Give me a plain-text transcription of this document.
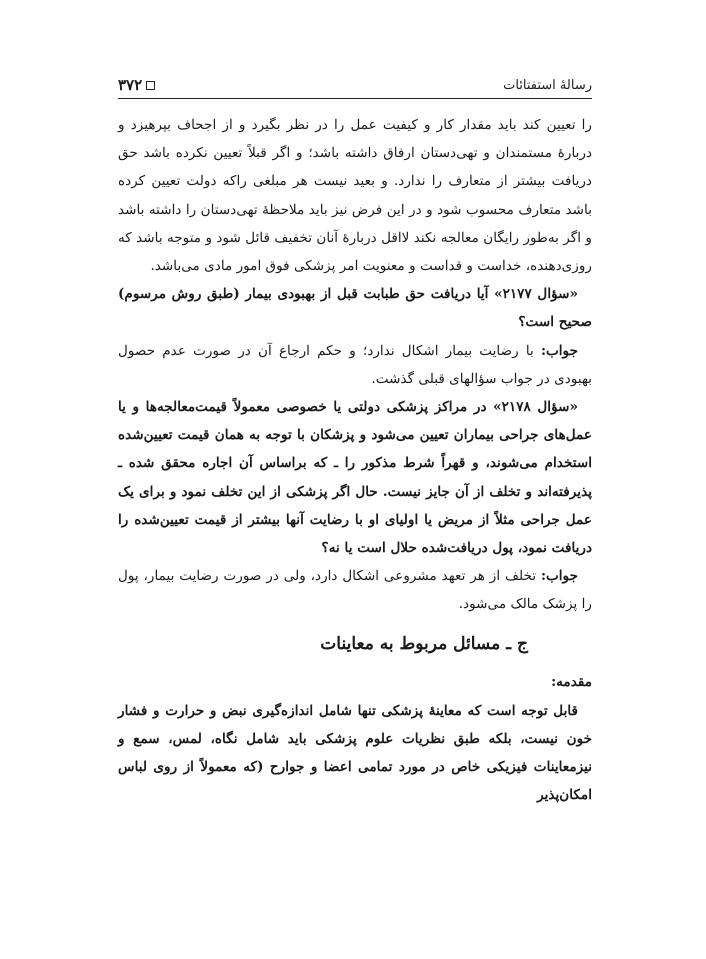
رسالهٔ استفتائات
۳۷۲

را تعیین کند باید مقدار کار و کیفیت عمل را در نظر بگیرد و از اجحاف بپرهیزد و دربارهٔ مستمندان و تهی‌دستان ارفاق داشته باشد؛ و اگر قبلاً تعیین نکرده باشد حق دریافت بیشتر از متعارف را ندارد. و بعید نیست هر مبلغی راکه دولت تعیین کرده باشد متعارف محسوب شود و در این فرض نیز باید ملاحظهٔ تهی‌دستان را داشته باشد و اگر به‌طور رایگان معالجه نکند لااقل دربارهٔ آنان تخفیف قائل شود و متوجه باشد که روزی‌دهنده، خداست و قداست و معنویت امر پزشکی فوق امور مادی می‌باشد.

«سؤال ۲۱۷۷» آیا دریافت حق طبابت قبل از بهبودی بیمار (طبق روش مرسوم) صحیح است؟

جواب: با رضایت بیمار اشکال ندارد؛ و حکم ارجاع آن در صورت عدم حصول بهبودی در جواب سؤالهای قبلی گذشت.

«سؤال ۲۱۷۸» در مراکز پزشکی دولتی یا خصوصی معمولاً قیمت‌معالجه‌ها و یا عمل‌های جراحی بیماران تعیین می‌شود و پزشکان با توجه به همان قیمت تعیین‌شده استخدام می‌شوند، و قهراً شرط مذکور را ـ که براساس آن اجاره محقق شده ـ پذیرفته‌اند و تخلف از آن جایز نیست. حال اگر پزشکی از این تخلف نمود و برای یک عمل جراحی مثلاً از مریض یا اولیای او با رضایت آنها بیشتر از قیمت تعیین‌شده را دریافت نمود، پول دریافت‌شده حلال است یا نه؟

جواب: تخلف از هر تعهد مشروعی اشکال دارد، ولی در صورت رضایت بیمار، پول را پزشک مالک می‌شود.

ج ـ مسائل مربوط به معاینات
مقدمه:

قابل توجه است که معاینهٔ پزشکی تنها شامل اندازه‌گیری نبض و حرارت و فشار خون نیست، بلکه طبق نظریات علوم پزشکی باید شامل نگاه، لمس، سمع و نیزمعاینات فیزیکی خاص در مورد تمامی اعضا و جوارح (که معمولاً از روی لباس امکان‌پذیر
